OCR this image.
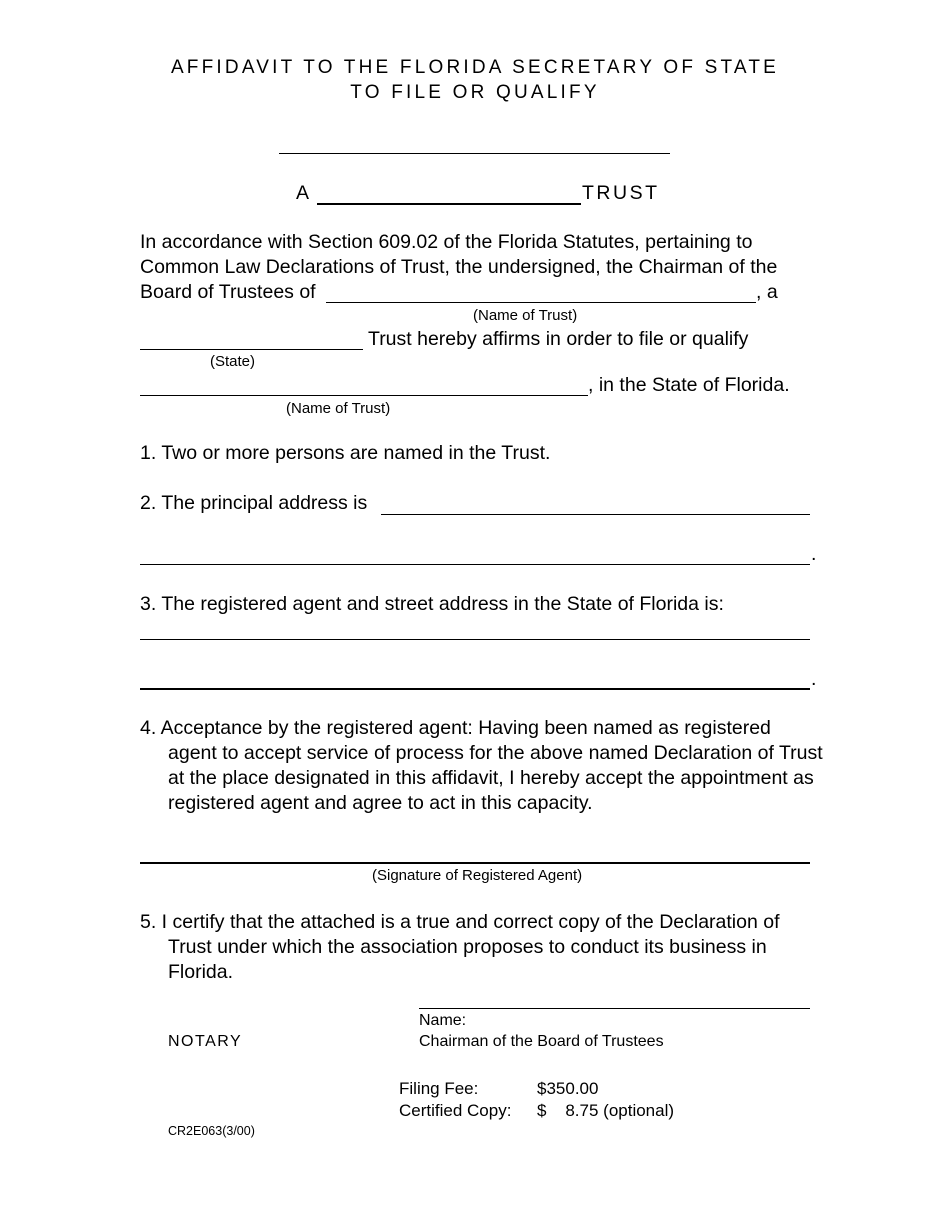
AFFIDAVIT TO THE FLORIDA SECRETARY OF STATE
TO FILE OR QUALIFY
A	TRUST
In accordance with Section 609.02 of the Florida Statutes, pertaining to
Common Law Declarations of Trust, the undersigned, the Chairman of the
Board of Trustees of	, a
(Name of Trust)
Trust hereby affirms in order to file or qualify
(State)
, in the State of Florida.
(Name of Trust)
1. Two or more persons are named in the Trust.
2. The principal address is
.
3. The registered agent and street address in the State of Florida is:
.
4. Acceptance by the registered agent: Having been named as registered
agent to accept service of process for the above named Declaration of Trust
at the place designated in this affidavit, I hereby accept the appointment as
registered agent and agree to act in this capacity.
(Signature of Registered Agent)
5. I certify that the attached is a true and correct copy of the Declaration of
Trust under which the association proposes to conduct its business in
Florida.
Name:
Chairman of the Board of Trustees
NOTARY
Filing Fee:	$350.00
Certified Copy: $    8.75 (optional)
CR2E063(3/00)
